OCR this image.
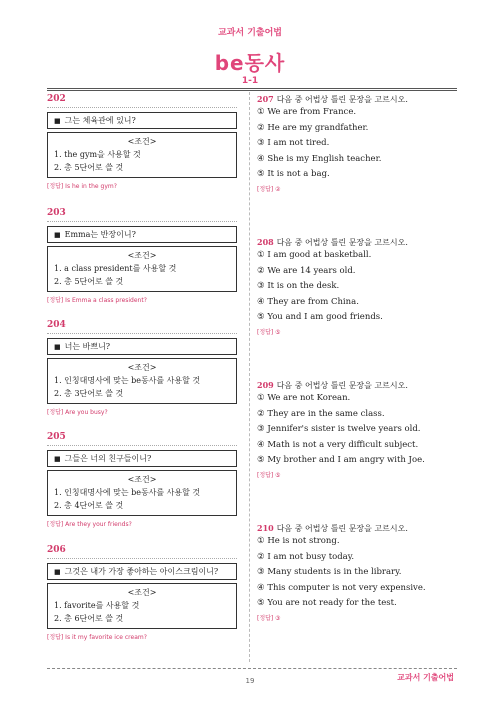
교과서 기출어법
be동사
1-1
202
■ 그는 체육관에 있니?
<조건>
1. the gym을 사용할 것
2. 총 5단어로 쓸 것
[정답] Is he in the gym?
203
■ Emma는 반장이니?
<조건>
1. a class president를 사용할 것
2. 총 5단어로 쓸 것
[정답] Is Emma a class president?
204
■ 너는 바쁘니?
<조건>
1. 인칭대명사에 맞는 be동사를 사용할 것
2. 총 3단어로 쓸 것
[정답] Are you busy?
205
■ 그들은 너의 친구들이니?
<조건>
1. 인칭대명사에 맞는 be동사를 사용할 것
2. 총 4단어로 쓸 것
[정답] Are they your friends?
206
■ 그것은 내가 가장 좋아하는 아이스크림이니?
<조건>
1. favorite를 사용할 것
2. 총 6단어로 쓸 것
[정답] Is it my favorite ice cream?
207 다음 중 어법상 틀린 문장을 고르시오.
① We are from France.
② He are my grandfather.
③ I am not tired.
④ She is my English teacher.
⑤ It is not a bag.
[정답] ②
208 다음 중 어법상 틀린 문장을 고르시오.
① I am good at basketball.
② We are 14 years old.
③ It is on the desk.
④ They are from China.
⑤ You and I am good friends.
[정답] ⑤
209 다음 중 어법상 틀린 문장을 고르시오.
① We are not Korean.
② They are in the same class.
③ Jennifer's sister is twelve years old.
④ Math is not a very difficult subject.
⑤ My brother and I am angry with Joe.
[정답] ⑤
210 다음 중 어법상 틀린 문장을 고르시오.
① He is not strong.
② I am not busy today.
③ Many students is in the library.
④ This computer is not very expensive.
⑤ You are not ready for the test.
[정답] ③
교과서 기출어법
19
